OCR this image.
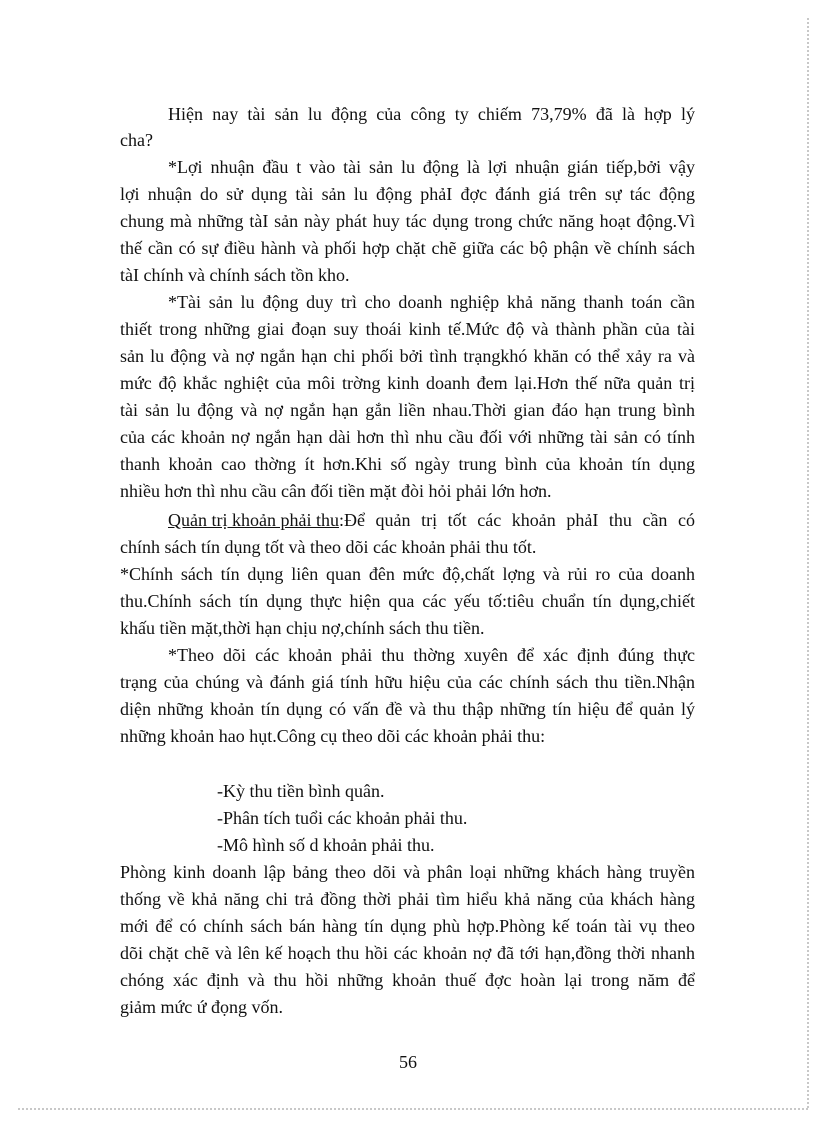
Hiện nay tài sản lu động của công ty chiếm 73,79% đã là hợp lý
cha?
*Lợi nhuận đầu t vào tài sản lu động là lợi nhuận gián tiếp,bởi vậy
lợi nhuận do sử dụng tài sản lu động phảI đợc đánh giá trên sự tác động
chung mà những tàI sản này phát huy tác dụng trong chức năng hoạt động.Vì
thế cần có sự điều hành và phối hợp chặt chẽ giữa các bộ phận về chính sách
tàI chính và chính sách tồn kho.
*Tài sản lu động duy trì cho doanh nghiệp khả năng thanh toán cần
thiết trong những giai đoạn suy thoái kinh tế.Mức độ và thành phần của tài
sản lu động và nợ ngắn hạn chi phối bởi tình trạngkhó khăn có thể xảy ra và
mức độ khắc nghiệt của môi trờng kinh doanh đem lại.Hơn thế nữa quản trị
tài sản lu động và nợ ngắn hạn gắn liền nhau.Thời gian đáo hạn trung bình
của các khoản nợ ngắn hạn dài hơn thì nhu cầu đối với những tài sản có tính
thanh khoản cao thờng ít hơn.Khi số ngày trung bình của khoản tín dụng
nhiều hơn thì nhu cầu cân đối tiền mặt đòi hỏi phải lớn hơn.
Quản trị khoản phải thu :Để quản trị tốt các khoản phảI thu cần có
chính sách tín dụng tốt và theo dõi các khoản phải thu tốt.
*Chính sách tín dụng liên quan đên mức độ,chất lợng và rủi ro của doanh
thu.Chính sách tín dụng thực hiện qua các yếu tố:tiêu chuẩn tín dụng,chiết
khấu tiền mặt,thời hạn chịu nợ,chính sách thu tiền.
*Theo dõi các khoản phải thu thờng xuyên để xác định đúng thực
trạng của chúng và đánh giá tính hữu hiệu của các chính sách thu tiền.Nhận
diện những khoản tín dụng có vấn đề và thu thập những tín hiệu để quản lý
những khoản hao hụt.Công cụ theo dõi các khoản phải thu:
-Kỳ thu tiền bình quân.
-Phân tích tuổi các khoản phải thu.
-Mô hình số d khoản phải thu.
Phòng kinh doanh lập bảng theo dõi và phân loại những khách hàng truyền
thống về khả năng chi trả đồng thời phải tìm hiểu khả năng của khách hàng
mới để có chính sách bán hàng tín dụng phù hợp.Phòng kế toán tài vụ theo
dõi chặt chẽ và lên kế hoạch thu hồi các khoản nợ đã tới hạn,đồng thời nhanh
chóng xác định và thu hồi những khoản thuế đợc hoàn lại trong năm để
giảm mức ứ đọng vốn.
56
